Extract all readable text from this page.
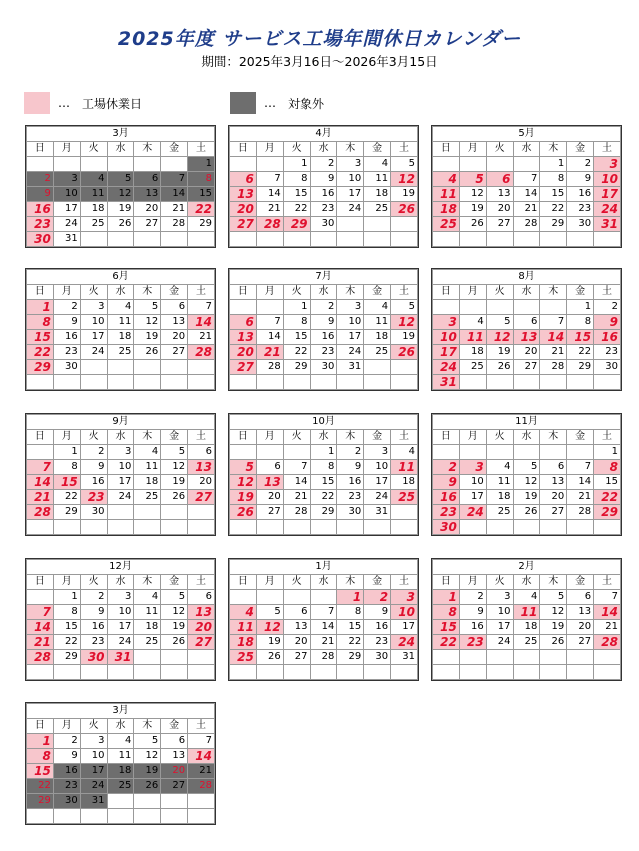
2025年度 サービス工場年間休日カレンダー
期間：2025年3月16日〜2026年3月15日
… 工場休業日	… 対象外
3月						
日	月	火	水	木	金	土
						1
2	3	4	5	6	7	8
9	10	11	12	13	14	15
16	17	18	19	20	21	22
23	24	25	26	27	28	29
30	31					
4月						
日	月	火	水	木	金	土
		1	2	3	4	5
6	7	8	9	10	11	12
13	14	15	16	17	18	19
20	21	22	23	24	25	26
27	28	29	30			

5月						
日	月	火	水	木	金	土
				1	2	3
4	5	6	7	8	9	10
11	12	13	14	15	16	17
18	19	20	21	22	23	24
25	26	27	28	29	30	31

6月						
日	月	火	水	木	金	土
1	2	3	4	5	6	7
8	9	10	11	12	13	14
15	16	17	18	19	20	21
22	23	24	25	26	27	28
29	30					

7月						
日	月	火	水	木	金	土
		1	2	3	4	5
6	7	8	9	10	11	12
13	14	15	16	17	18	19
20	21	22	23	24	25	26
27	28	29	30	31		

8月						
日	月	火	水	木	金	土
					1	2
3	4	5	6	7	8	9
10	11	12	13	14	15	16
17	18	19	20	21	22	23
24	25	26	27	28	29	30
31						
9月						
日	月	火	水	木	金	土
	1	2	3	4	5	6
7	8	9	10	11	12	13
14	15	16	17	18	19	20
21	22	23	24	25	26	27
28	29	30				

10月						
日	月	火	水	木	金	土
			1	2	3	4
5	6	7	8	9	10	11
12	13	14	15	16	17	18
19	20	21	22	23	24	25
26	27	28	29	30	31	

11月						
日	月	火	水	木	金	土
						1
2	3	4	5	6	7	8
9	10	11	12	13	14	15
16	17	18	19	20	21	22
23	24	25	26	27	28	29
30						
12月						
日	月	火	水	木	金	土
	1	2	3	4	5	6
7	8	9	10	11	12	13
14	15	16	17	18	19	20
21	22	23	24	25	26	27
28	29	30	31			

1月						
日	月	火	水	木	金	土
				1	2	3
4	5	6	7	8	9	10
11	12	13	14	15	16	17
18	19	20	21	22	23	24
25	26	27	28	29	30	31

2月						
日	月	火	水	木	金	土
1	2	3	4	5	6	7
8	9	10	11	12	13	14
15	16	17	18	19	20	21
22	23	24	25	26	27	28

3月						
日	月	火	水	木	金	土
1	2	3	4	5	6	7
8	9	10	11	12	13	14
15	16	17	18	19	20	21
22	23	24	25	26	27	28
29	30	31				
